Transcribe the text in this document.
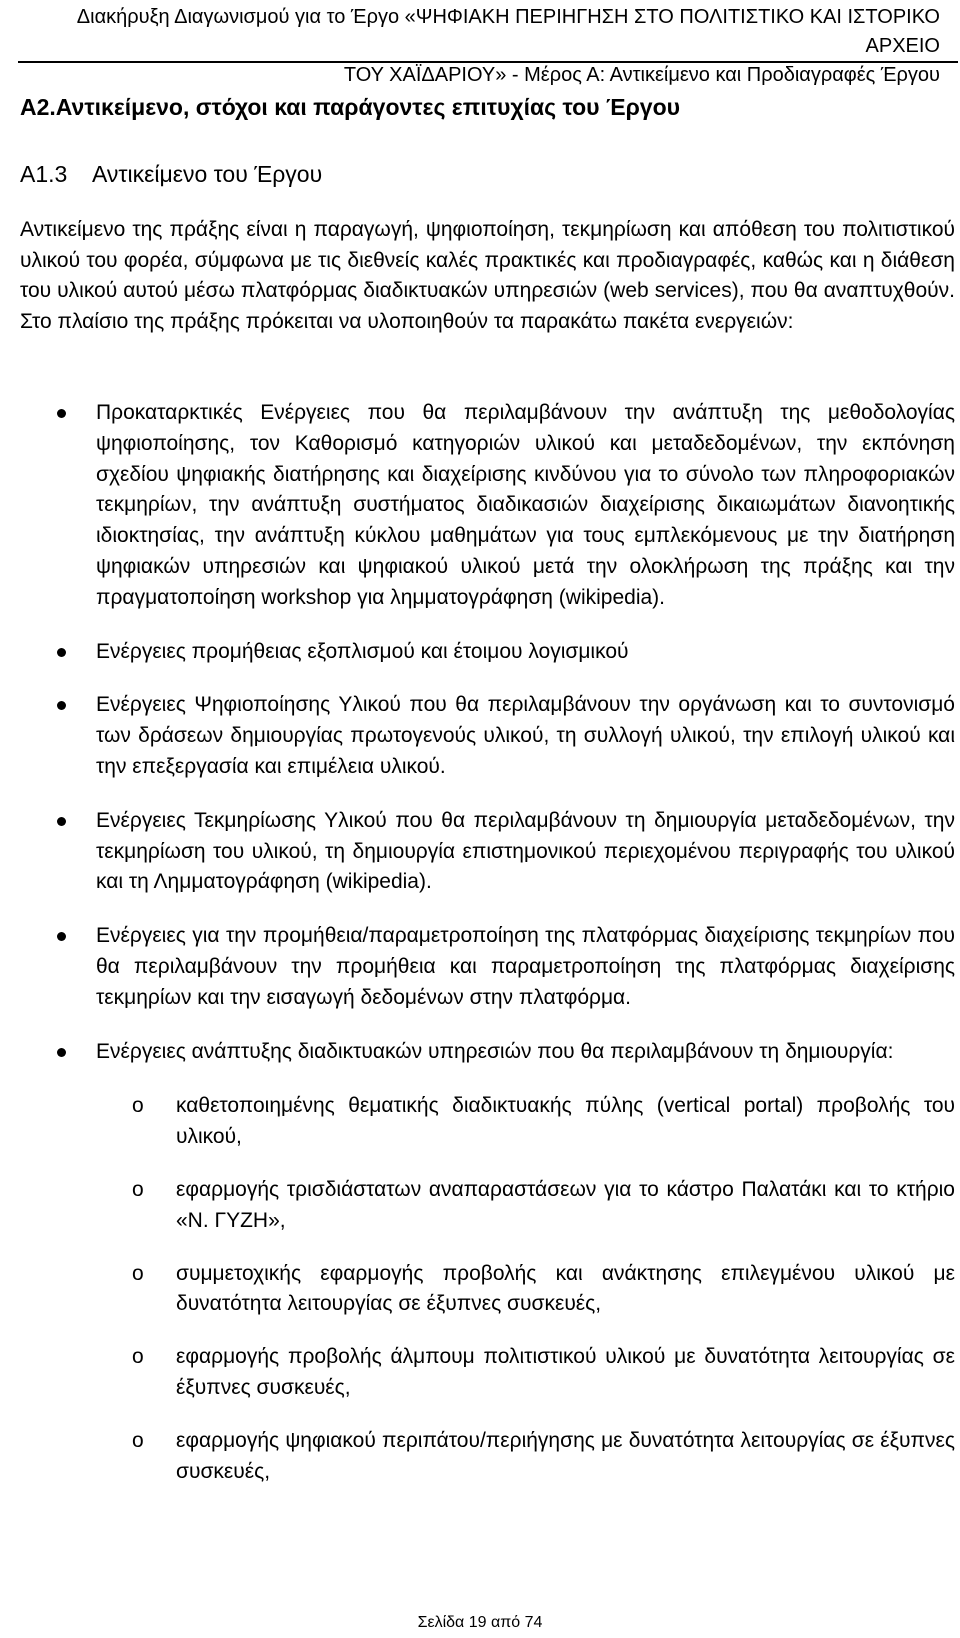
Διακήρυξη Διαγωνισμού για το Έργο «ΨΗΦΙΑΚΗ ΠΕΡΙΗΓΗΣΗ ΣΤΟ ΠΟΛΙΤΙΣΤΙΚΟ ΚΑΙ ΙΣΤΟΡΙΚΟ ΑΡΧΕΙΟ
ΤΟΥ ΧΑΪΔΑΡΙΟΥ» - Μέρος Α: Αντικείμενο και Προδιαγραφές Έργου
A2.Αντικείμενο, στόχοι και παράγοντες επιτυχίας του Έργου
A1.3 Αντικείμενο του Έργου

Αντικείμενο της πράξης είναι η παραγωγή, ψηφιοποίηση, τεκμηρίωση και απόθεση του πολιτιστικού υλικού του φορέα, σύμφωνα με τις διεθνείς καλές πρακτικές και προδιαγραφές, καθώς και η διάθεση του υλικού αυτού μέσω πλατφόρμας διαδικτυακών υπηρεσιών (web services), που θα αναπτυχθούν. Στο πλαίσιο της πράξης πρόκειται να υλοποιηθούν τα παρακάτω πακέτα ενεργειών:

Προκαταρκτικές Ενέργειες που θα περιλαμβάνουν την ανάπτυξη της μεθοδολογίας ψηφιοποίησης, τον Καθορισμό κατηγοριών υλικού και μεταδεδομένων, την εκπόνηση σχεδίου ψηφιακής διατήρησης και διαχείρισης κινδύνου για το σύνολο των πληροφοριακών τεκμηρίων, την ανάπτυξη συστήματος διαδικασιών διαχείρισης δικαιωμάτων διανοητικής ιδιοκτησίας, την ανάπτυξη κύκλου μαθημάτων για τους εμπλεκόμενους με την διατήρηση ψηφιακών υπηρεσιών και ψηφιακού υλικού μετά την ολοκλήρωση της πράξης και την πραγματοποίηση workshop για λημματογράφηση (wikipedia).
Ενέργειες προμήθειας εξοπλισμού και έτοιμου λογισμικού
Ενέργειες Ψηφιοποίησης Υλικού που θα περιλαμβάνουν την οργάνωση και το συντονισμό των δράσεων δημιουργίας πρωτογενούς υλικού, τη συλλογή υλικού, την επιλογή υλικού και την επεξεργασία και επιμέλεια υλικού.
Ενέργειες Τεκμηρίωσης Υλικού που θα περιλαμβάνουν τη δημιουργία μεταδεδομένων, την τεκμηρίωση του υλικού, τη δημιουργία επιστημονικού περιεχομένου περιγραφής του υλικού και τη Λημματογράφηση (wikipedia).
Ενέργειες για την προμήθεια/παραμετροποίηση της πλατφόρμας διαχείρισης τεκμηρίων που θα περιλαμβάνουν την προμήθεια και παραμετροποίηση της πλατφόρμας διαχείρισης τεκμηρίων και την εισαγωγή δεδομένων στην πλατφόρμα.
Ενέργειες ανάπτυξης διαδικτυακών υπηρεσιών που θα περιλαμβάνουν τη δημιουργία:
o καθετοποιημένης θεματικής διαδικτυακής πύλης (vertical portal) προβολής του υλικού,
o εφαρμογής τρισδιάστατων αναπαραστάσεων για το κάστρο Παλατάκι και το κτήριο «Ν. ΓΥΖΗ»,
o συμμετοχικής εφαρμογής προβολής και ανάκτησης επιλεγμένου υλικού με δυνατότητα λειτουργίας σε έξυπνες συσκευές,
o εφαρμογής προβολής άλμπουμ πολιτιστικού υλικού με δυνατότητα λειτουργίας σε έξυπνες συσκευές,
o εφαρμογής ψηφιακού περιπάτου/περιήγησης με δυνατότητα λειτουργίας σε έξυπνες συσκευές,
Σελίδα 19 από 74
